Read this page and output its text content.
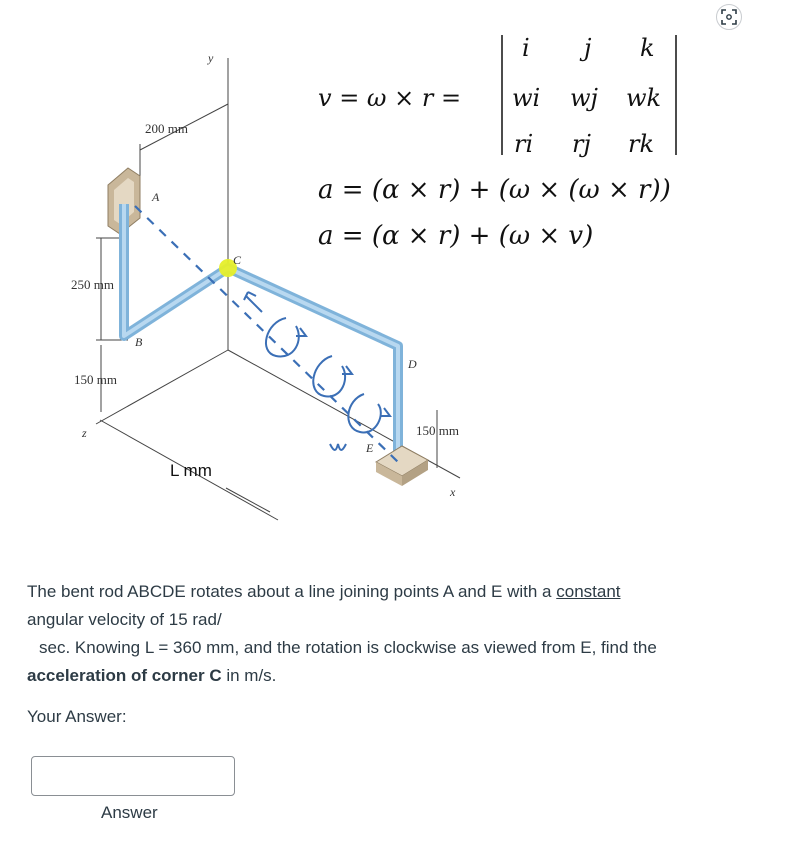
y
x
z
200 mm
250 mm
150 mm
L mm
150 mm
A
B
C
D
E
v = ω × r =
i j k
wi wj wk
ri rj rk
a = (α × r) + (ω × (ω × r))
a = (α × r) + (ω × v)
The bent rod ABCDE rotates about a line joining points A and E with a constant
angular velocity of 15 rad/
sec. Knowing L = 360 mm, and the rotation is clockwise as viewed from E, find the
acceleration of corner C in m/s.
Your Answer:
Answer
